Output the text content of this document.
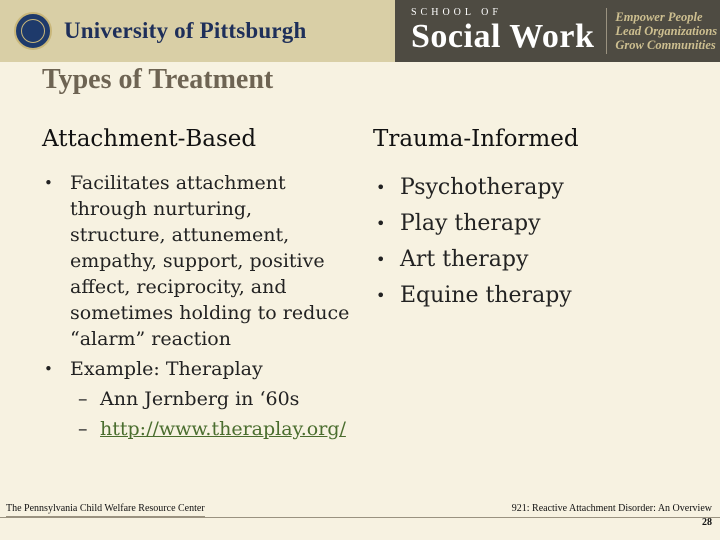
University of Pittsburgh
SCHOOL OF
Social Work
Empower People
Lead Organizations
Grow Communities
Types of Treatment
Attachment-Based	Trauma-Informed
• Facilitates attachment through nurturing, structure, attunement, empathy, support, positive affect, reciprocity, and sometimes holding to reduce “alarm” reaction
• Example: Theraplay
– Ann Jernberg in ‘60s
– http://www.theraplay.org/
• Psychotherapy
• Play therapy
• Art therapy
• Equine therapy
The Pennsylvania Child Welfare Resource Center	921: Reactive Attachment Disorder: An Overview
28
